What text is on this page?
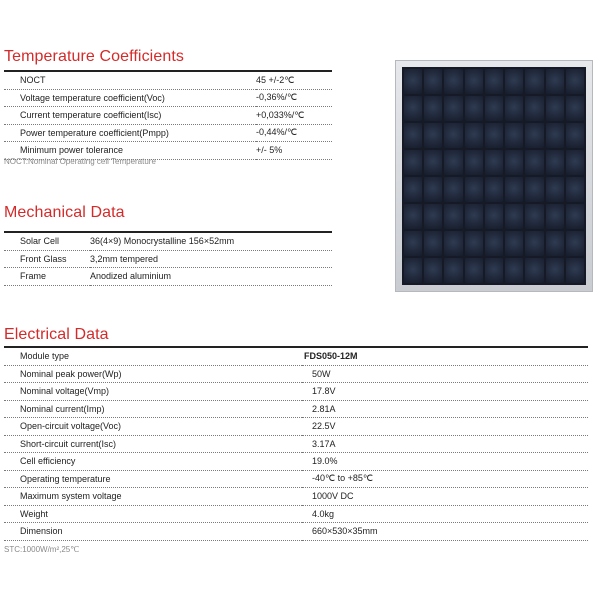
Temperature Coefficients
NOCT	45 +/-2℃
Voltage temperature coefficient(Voc)	-0,36%/℃
Current temperature coefficient(Isc)	+0,033%/℃
Power temperature coefficient(Pmpp)	-0,44%/℃
Minimum power tolerance	+/- 5%

NOCT:Nominal Operating cell Temperature

Mechanical Data
Solar Cell	36(4×9) Monocrystalline 156×52mm
Front Glass	3,2mm tempered
Frame	Anodized aluminium
Electrical Data
Module type	FDS050-12M
Nominal peak power(Wp)	50W
Nominal voltage(Vmp)	17.8V
Nominal current(Imp)	2.81A
Open-circuit voltage(Voc)	22.5V
Short-circuit current(Isc)	3.17A
Cell efficiency	19.0%
Operating temperature	-40℃ to +85℃
Maximum system voltage	1000V DC
Weight	4.0kg
Dimension	660×530×35mm

STC:1000W/m²,25℃
